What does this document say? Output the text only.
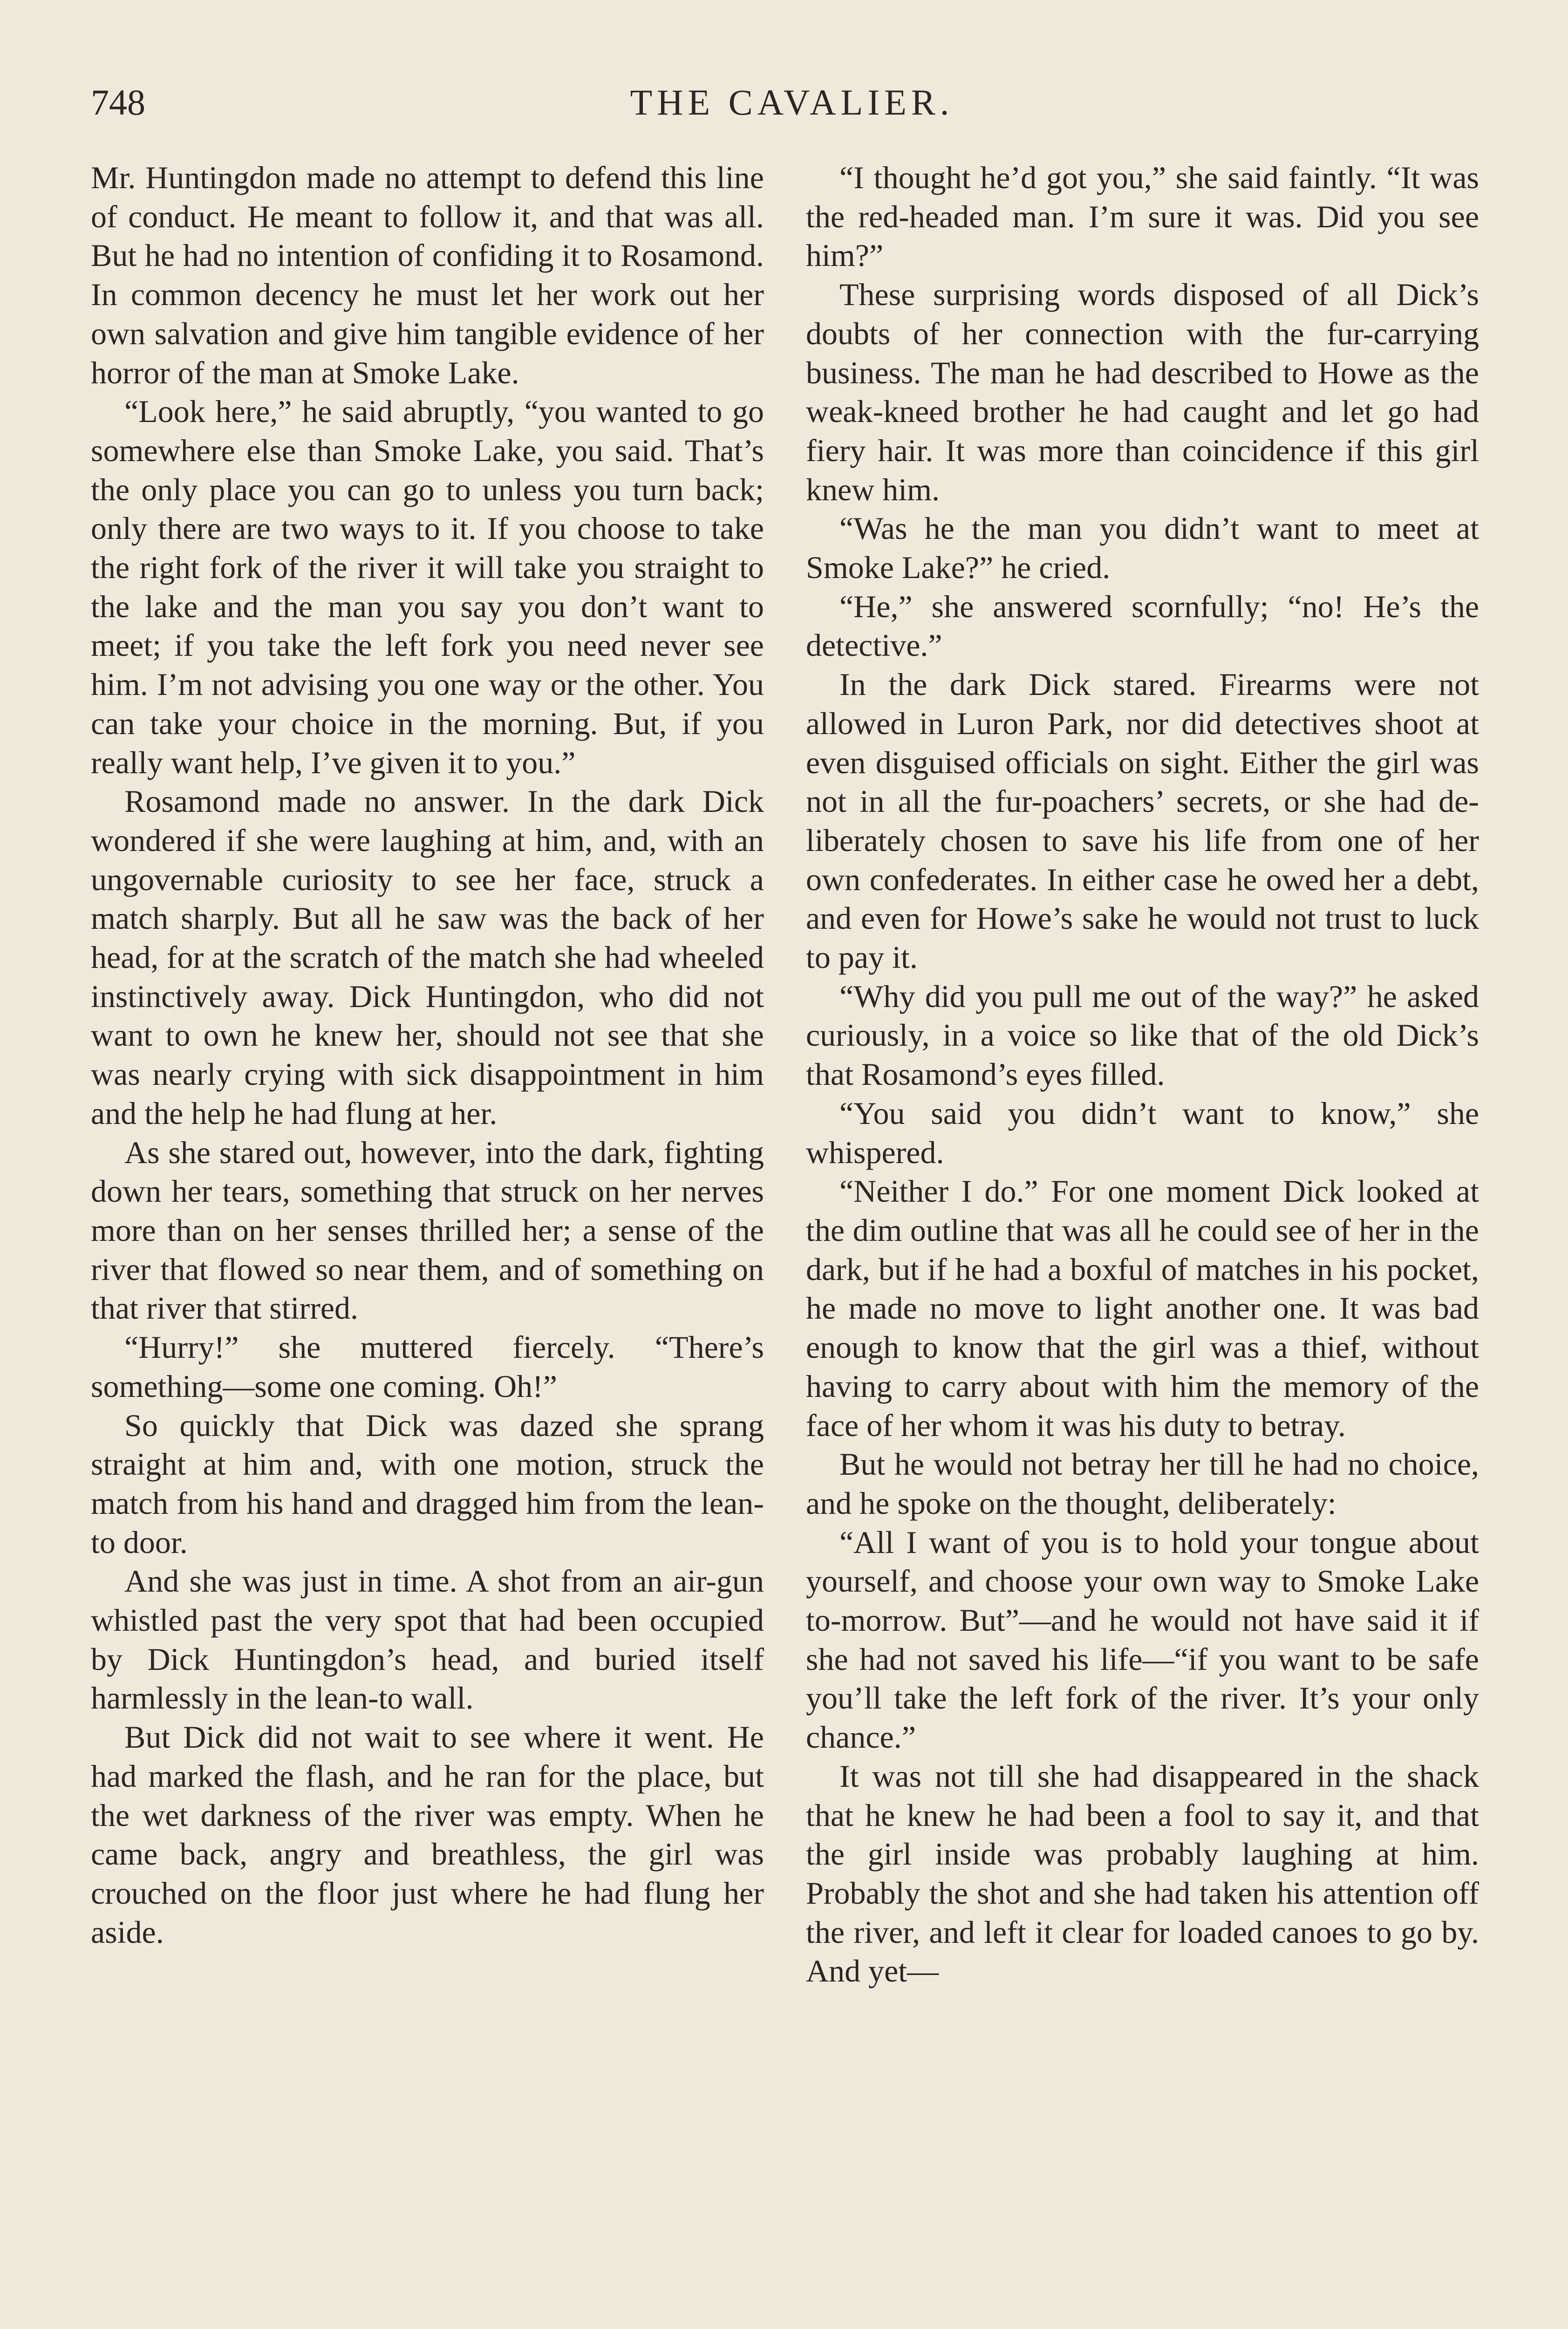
748	THE CAVALIER.

Mr. Huntingdon made no attempt to defend this line of conduct. He meant to follow it, and that was all. But he had no intention of confiding it to Rosamond. In common decency he must let her work out her own salvation and give him tangible evidence of her horror of the man at Smoke Lake.

“Look here,” he said abruptly, “you wanted to go somewhere else than Smoke Lake, you said. That’s the only place you can go to unless you turn back; only there are two ways to it. If you choose to take the right fork of the river it will take you straight to the lake and the man you say you don’t want to meet; if you take the left fork you need never see him. I’m not advising you one way or the other. You can take your choice in the morning. But, if you really want help, I’ve given it to you.”

Rosamond made no answer. In the dark Dick wondered if she were laughing at him, and, with an ungovernable curiosity to see her face, struck a match sharply. But all he saw was the back of her head, for at the scratch of the match she had wheeled instinctively away. Dick Huntingdon, who did not want to own he knew her, should not see that she was nearly crying with sick disappointment in him and the help he had flung at her.

As she stared out, however, into the dark, fighting down her tears, something that struck on her nerves more than on her senses thrilled her; a sense of the river that flowed so near them, and of something on that river that stirred.

“Hurry!” she muttered fiercely. “There’s something—some one coming. Oh!”

So quickly that Dick was dazed she sprang straight at him and, with one motion, struck the match from his hand and dragged him from the lean-to door.

And she was just in time. A shot from an air-gun whistled past the very spot that had been occupied by Dick Huntingdon’s head, and buried itself harmlessly in the lean-to wall.

But Dick did not wait to see where it went. He had marked the flash, and he ran for the place, but the wet darkness of the river was empty. When he came back, angry and breathless, the girl was crouched on the floor just where he had flung her aside.

“I thought he’d got you,” she said faintly. “It was the red-headed man. I’m sure it was. Did you see him?”

These surprising words disposed of all Dick’s doubts of her connection with the fur-carrying business. The man he had described to Howe as the weak-kneed brother he had caught and let go had fiery hair. It was more than coincidence if this girl knew him.

“Was he the man you didn’t want to meet at Smoke Lake?” he cried.

“He,” she answered scornfully; “no! He’s the detective.”

In the dark Dick stared. Firearms were not allowed in Luron Park, nor did detectives shoot at even disguised officials on sight. Either the girl was not in all the fur-poachers’ secrets, or she had deliberately chosen to save his life from one of her own confederates. In either case he owed her a debt, and even for Howe’s sake he would not trust to luck to pay it.

“Why did you pull me out of the way?” he asked curiously, in a voice so like that of the old Dick’s that Rosamond’s eyes filled.

“You said you didn’t want to know,” she whispered.

“Neither I do.” For one moment Dick looked at the dim outline that was all he could see of her in the dark, but if he had a boxful of matches in his pocket, he made no move to light another one. It was bad enough to know that the girl was a thief, without having to carry about with him the memory of the face of her whom it was his duty to betray.

But he would not betray her till he had no choice, and he spoke on the thought, deliberately:

“All I want of you is to hold your tongue about yourself, and choose your own way to Smoke Lake to-morrow. But”—and he would not have said it if she had not saved his life—“if you want to be safe you’ll take the left fork of the river. It’s your only chance.”

It was not till she had disappeared in the shack that he knew he had been a fool to say it, and that the girl inside was probably laughing at him. Probably the shot and she had taken his attention off the river, and left it clear for loaded canoes to go by. And yet—
